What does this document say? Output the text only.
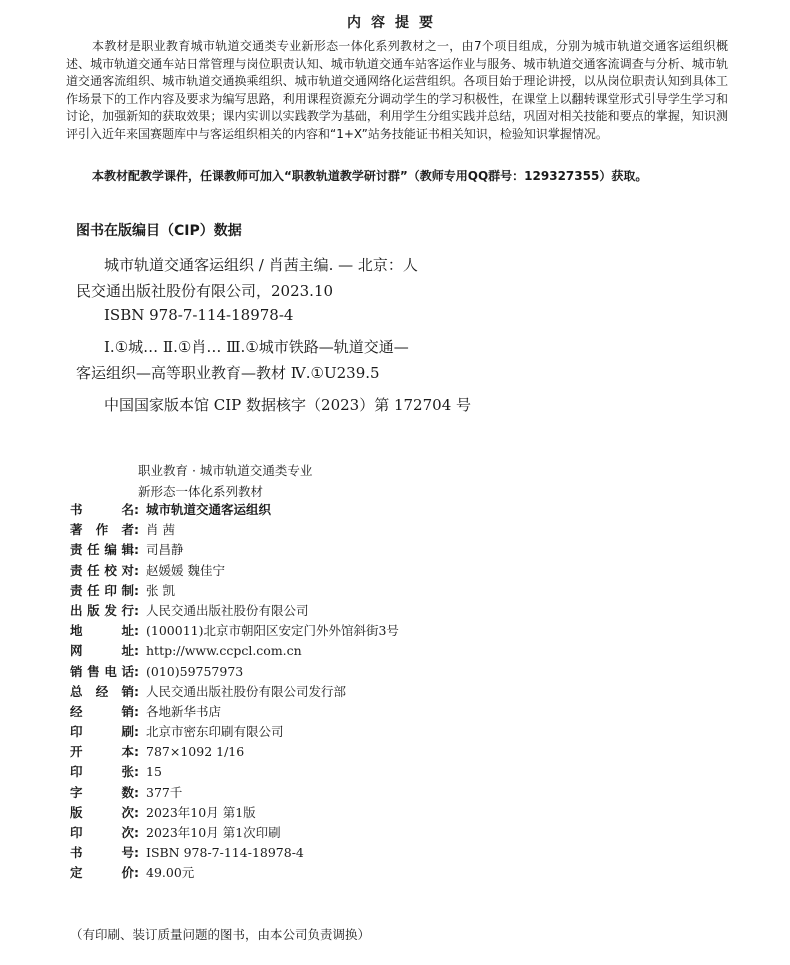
内容提要

本教材是职业教育城市轨道交通类专业新形态一体化系列教材之一，由7个项目组成，分别为城市轨道交通客运组织概述、城市轨道交通车站日常管理与岗位职责认知、城市轨道交通车站客运作业与服务、城市轨道交通客流调查与分析、城市轨道交通客流组织、城市轨道交通换乘组织、城市轨道交通网络化运营组织。各项目始于理论讲授，以从岗位职责认知到具体工作场景下的工作内容及要求为编写思路，利用课程资源充分调动学生的学习积极性，在课堂上以翻转课堂形式引导学生学习和讨论，加强新知的获取效果；课内实训以实践教学为基础，利用学生分组实践并总结，巩固对相关技能和要点的掌握，知识测评引入近年来国赛题库中与客运组织相关的内容和“1+X”站务技能证书相关知识，检验知识掌握情况。

本教材配教学课件，任课教师可加入“职教轨道教学研讨群”（教师专用QQ群号：129327355）获取。

图书在版编目（CIP）数据
城市轨道交通客运组织 / 肖茜主编. — 北京：人
民交通出版社股份有限公司，2023.10
ISBN 978-7-114-18978-4
Ⅰ.①城… Ⅱ.①肖… Ⅲ.①城市铁路—轨道交通—
客运组织—高等职业教育—教材 Ⅳ.①U239.5
中国国家版本馆 CIP 数据核字（2023）第 172704 号
职业教育 · 城市轨道交通类专业
新形态一体化系列教材
书名 : 城市轨道交通客运组织
著作者 : 肖 茜
责任编辑 : 司昌静
责任校对 : 赵媛媛 魏佳宁
责任印制 : 张 凯
出版发行 : 人民交通出版社股份有限公司
地址 : (100011)北京市朝阳区安定门外外馆斜街3号
网址 : http://www.ccpcl.com.cn
销售电话 : (010)59757973
总经销 : 人民交通出版社股份有限公司发行部
经销 : 各地新华书店
印刷 : 北京市密东印刷有限公司
开本 : 787×1092 1/16
印张 : 15
字数 : 377千
版次 : 2023年10月 第1版
印次 : 2023年10月 第1次印刷
书号 : ISBN 978-7-114-18978-4
定价 : 49.00元
（有印刷、装订质量问题的图书，由本公司负责调换）
